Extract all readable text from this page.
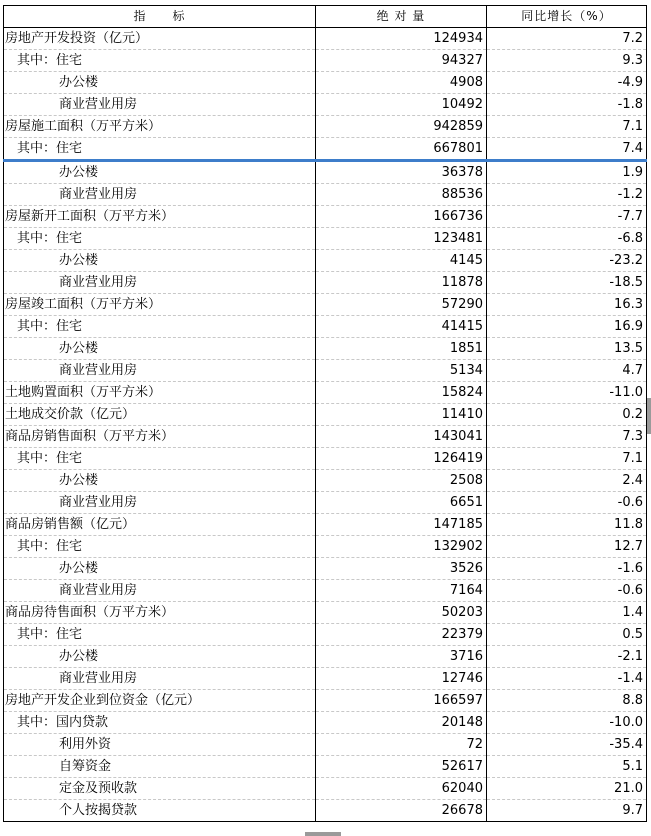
指　　标	绝 对 量	同比增长（%）
房地产开发投资（亿元）	124934	7.2
其中：住宅	94327	9.3
办公楼	4908	-4.9
商业营业用房	10492	-1.8
房屋施工面积（万平方米）	942859	7.1
其中：住宅	667801	7.4
办公楼	36378	1.9
商业营业用房	88536	-1.2
房屋新开工面积（万平方米）	166736	-7.7
其中：住宅	123481	-6.8
办公楼	4145	-23.2
商业营业用房	11878	-18.5
房屋竣工面积（万平方米）	57290	16.3
其中：住宅	41415	16.9
办公楼	1851	13.5
商业营业用房	5134	4.7
土地购置面积（万平方米）	15824	-11.0
土地成交价款（亿元）	11410	0.2
商品房销售面积（万平方米）	143041	7.3
其中：住宅	126419	7.1
办公楼	2508	2.4
商业营业用房	6651	-0.6
商品房销售额（亿元）	147185	11.8
其中：住宅	132902	12.7
办公楼	3526	-1.6
商业营业用房	7164	-0.6
商品房待售面积（万平方米）	50203	1.4
其中：住宅	22379	0.5
办公楼	3716	-2.1
商业营业用房	12746	-1.4
房地产开发企业到位资金（亿元）	166597	8.8
其中：国内贷款	20148	-10.0
利用外资	72	-35.4
自筹资金	52617	5.1
定金及预收款	62040	21.0
个人按揭贷款	26678	9.7
